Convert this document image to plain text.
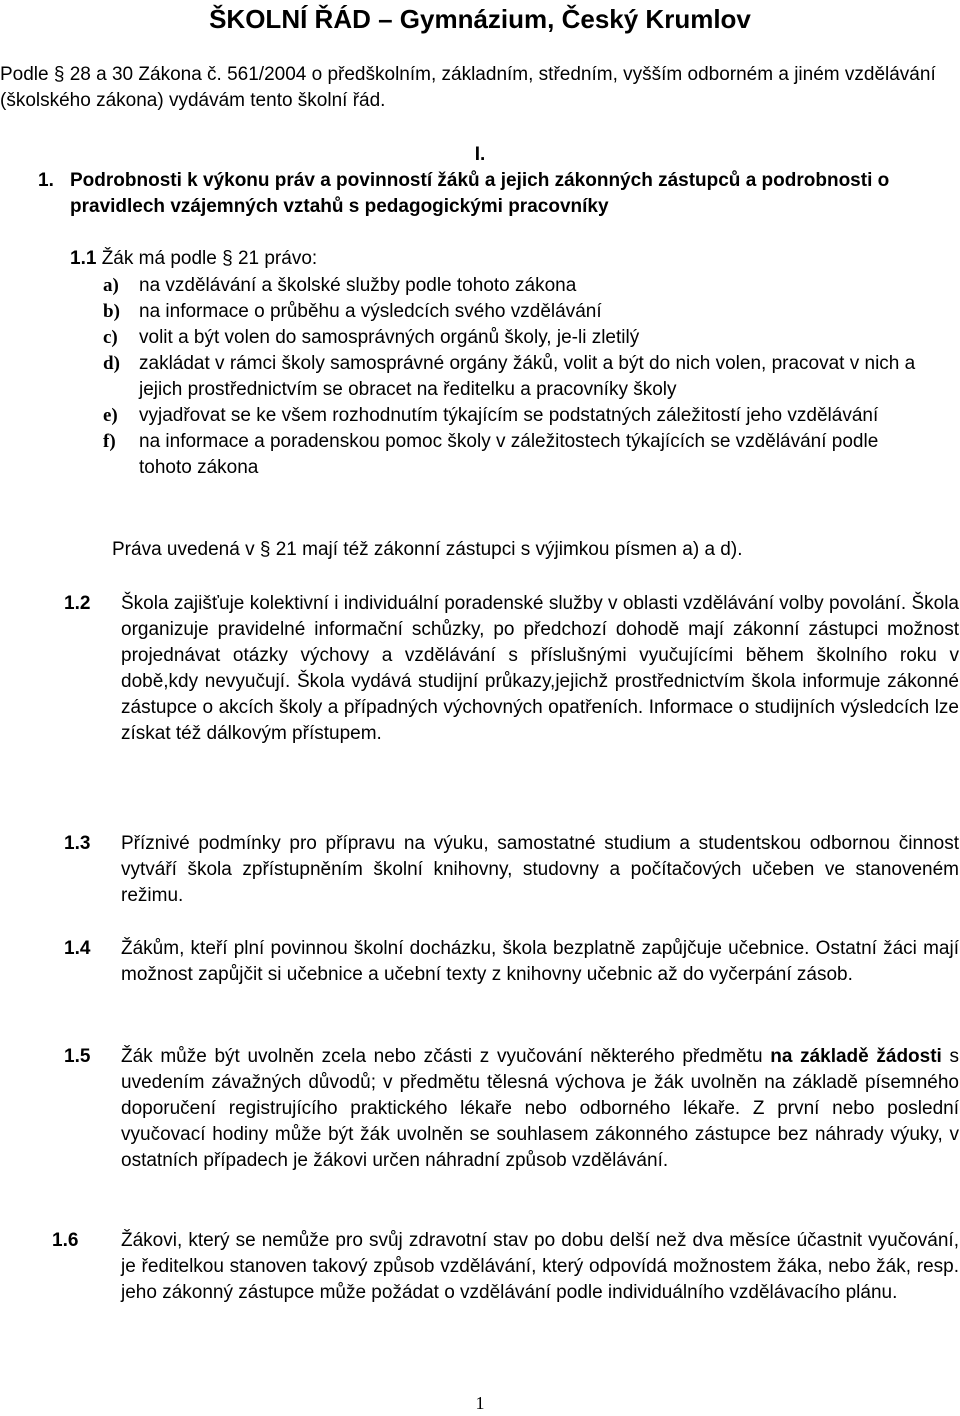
ŠKOLNÍ ŘÁD – Gymnázium, Český Krumlov
Podle § 28 a 30 Zákona č. 561/2004 o předškolním, základním, středním, vyšším odborném a jiném vzdělávání (školského zákona) vydávám tento školní řád.
I.
1. Podrobnosti k výkonu práv a povinností žáků a jejich zákonných zástupců a podrobnosti o pravidlech vzájemných vztahů s pedagogickými pracovníky
1.1 Žák má podle § 21 právo:
a) na vzdělávání a školské služby podle tohoto zákona
b) na informace o průběhu a výsledcích svého vzdělávání
c) volit a být volen do samosprávných orgánů školy, je-li zletilý
d) zakládat v rámci školy samosprávné orgány žáků, volit a být do nich volen, pracovat v nich a jejich prostřednictvím se obracet na ředitelku a pracovníky školy
e) vyjadřovat se ke všem rozhodnutím týkajícím se podstatných záležitostí jeho vzdělávání
f) na informace a poradenskou pomoc školy v záležitostech týkajících se vzdělávání podle tohoto zákona
Práva uvedená v § 21 mají též zákonní zástupci s výjimkou písmen a) a d).
1.2 Škola zajišťuje kolektivní i individuální poradenské služby v oblasti vzdělávání volby povolání. Škola organizuje pravidelné informační schůzky, po předchozí dohodě mají zákonní zástupci možnost projednávat otázky výchovy a vzdělávání s příslušnými vyučujícími během školního roku v době,kdy nevyučují. Škola vydává studijní průkazy,jejichž prostřednictvím škola informuje zákonné zástupce o akcích školy a případných výchovných opatřeních. Informace o studijních výsledcích lze získat též dálkovým přístupem.
1.3 Příznivé podmínky pro přípravu na výuku, samostatné studium a studentskou odbornou činnost vytváří škola zpřístupněním školní knihovny, studovny a počítačových učeben ve stanoveném režimu.
1.4 Žákům, kteří plní povinnou školní docházku, škola bezplatně zapůjčuje učebnice. Ostatní žáci mají možnost zapůjčit si učebnice a učební texty z knihovny učebnic až do vyčerpání zásob.
1.5 Žák může být uvolněn zcela nebo zčásti z vyučování některého předmětu na základě žádosti s uvedením závažných důvodů; v předmětu tělesná výchova je žák uvolněn na základě písemného doporučení registrujícího praktického lékaře nebo odborného lékaře. Z první nebo poslední vyučovací hodiny může být žák uvolněn se souhlasem zákonného zástupce bez náhrady výuky, v ostatních případech je žákovi určen náhradní způsob vzdělávání.
1.6 Žákovi, který se nemůže pro svůj zdravotní stav po dobu delší než dva měsíce účastnit vyučování, je ředitelkou stanoven takový způsob vzdělávání, který odpovídá možnostem žáka, nebo žák, resp. jeho zákonný zástupce může požádat o vzdělávání podle individuálního vzdělávacího plánu.
1
